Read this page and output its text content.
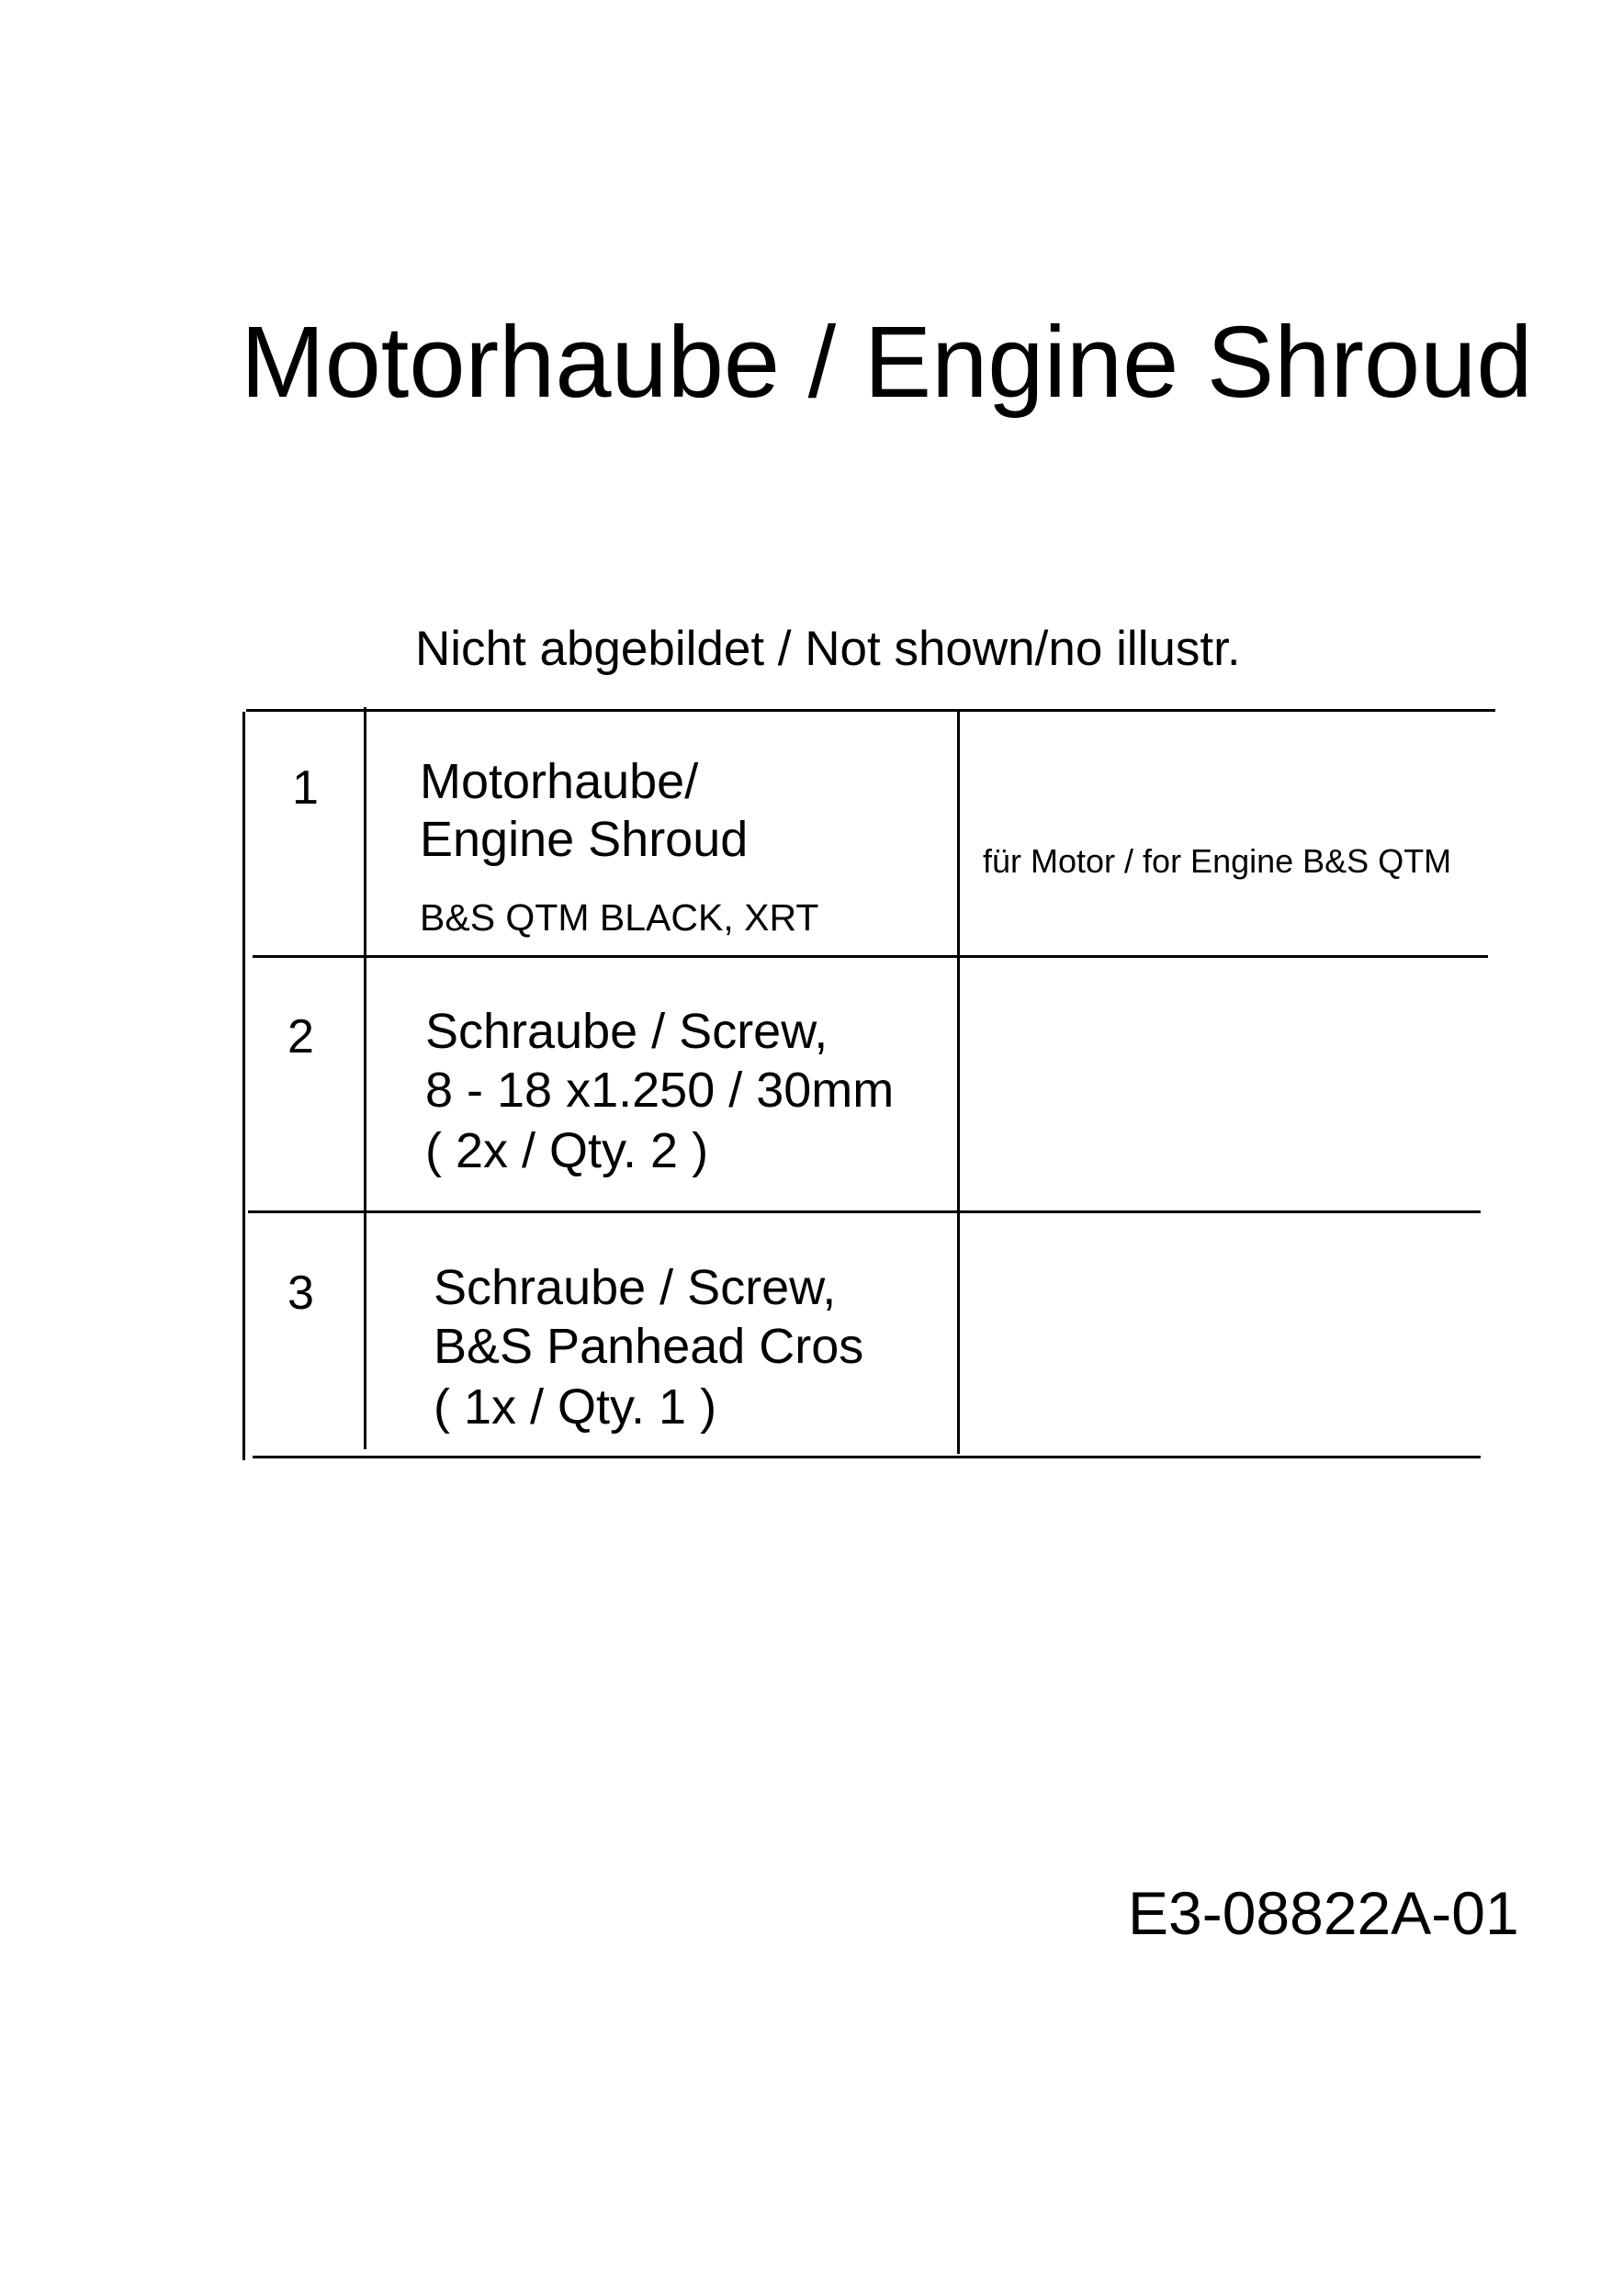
Motorhaube / Engine Shroud
Nicht abgebildet / Not shown/no illustr.
1 Motorhaube/
Engine Shroud
B&S QTM BLACK, XRT
für Motor / for Engine B&S QTM
2 Schraube / Screw,
8 - 18 x1.250 / 30mm
( 2x / Qty. 2 )
3 Schraube / Screw,
B&S Panhead Cros
( 1x / Qty. 1 )
E3-08822A-01
